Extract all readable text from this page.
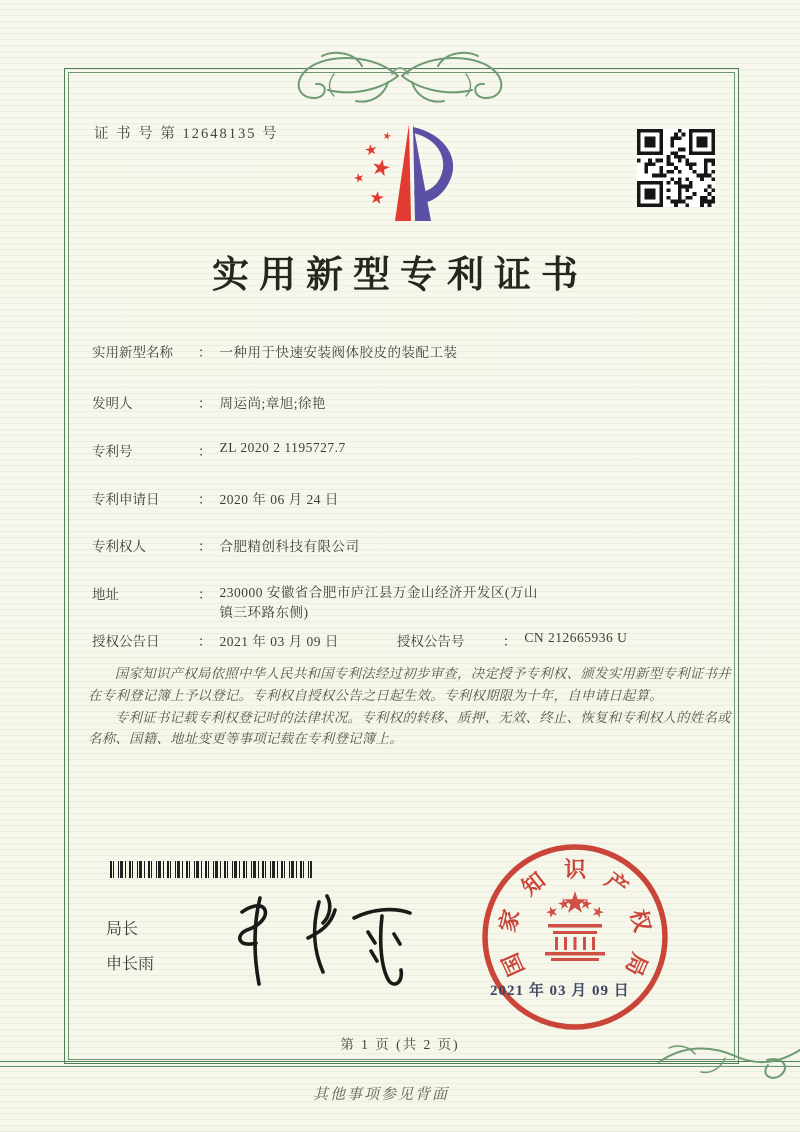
证 书 号 第 12648135 号
实用新型专利证书
实用新型名称 ： 一种用于快速安装阀体胶皮的装配工装
发明人	： 周运尚;章旭;徐艳
专利号	： ZL 2020 2 1195727.7
专利申请日	： 2020 年 06 月 24 日
专利权人	： 合肥精创科技有限公司
地址	： 230000 安徽省合肥市庐江县万金山经济开发区(万山镇三环路东侧)
授权公告日	： 2021 年 03 月 09 日	授权公告号	： CN 212665936 U

国家知识产权局依照中华人民共和国专利法经过初步审查，决定授予专利权、颁发实用新型专利证书并在专利登记簿上予以登记。专利权自授权公告之日起生效。专利权期限为十年，自申请日起算。

专利证书记载专利权登记时的法律状况。专利权的转移、质押、无效、终止、恢复和专利权人的姓名或名称、国籍、地址变更等事项记载在专利登记簿上。

局长
申长雨	国
家
知 识 产
权
局
2021 年 03 月 09 日
第 1 页 (共 2 页)
其他事项参见背面
